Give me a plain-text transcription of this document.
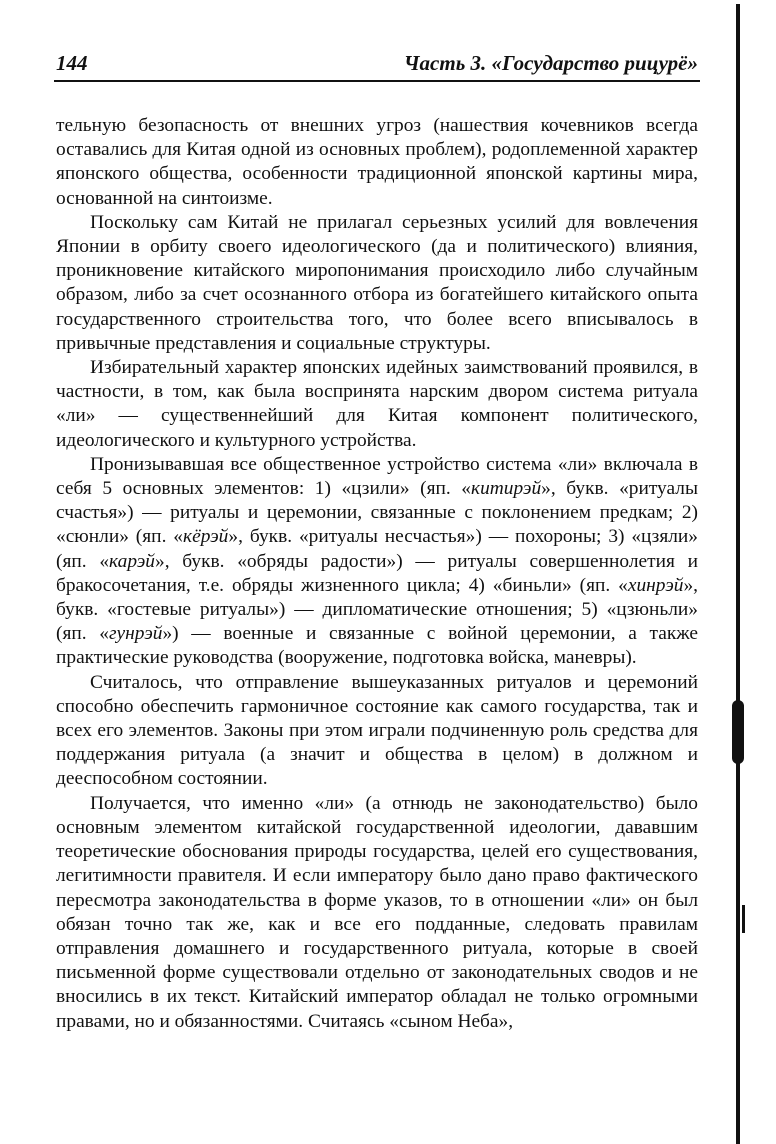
144	Часть 3. «Государство рицурё»

тельную безопасность от внешних угроз (нашествия кочевников всегда оставались для Китая одной из основных проблем), родоплеменной характер японского общества, особенности традиционной японской картины мира, основанной на синтоизме.

Поскольку сам Китай не прилагал серьезных усилий для вовлечения Японии в орбиту своего идеологического (да и политического) влияния, проникновение китайского миропонимания происходило либо случайным образом, либо за счет осознанного отбора из богатейшего китайского опыта государственного строительства того, что более всего вписывалось в привычные представления и социальные структуры.

Избирательный характер японских идейных заимствований проявился, в частности, в том, как была воспринята нарским двором система ритуала «ли» — существеннейший для Китая компонент политического, идеологического и культурного устройства.

Пронизывавшая все общественное устройство система «ли» включала в себя 5 основных элементов: 1) «цзили» (яп. «китирэй», букв. «ритуалы счастья») — ритуалы и церемонии, связанные с поклонением предкам; 2) «сюнли» (яп. «кёрэй», букв. «ритуалы несчастья») — похороны; 3) «цзяли» (яп. «карэй», букв. «обряды радости») — ритуалы совершеннолетия и бракосочетания, т.е. обряды жизненного цикла; 4) «биньли» (яп. «хинрэй», букв. «гостевые ритуалы») — дипломатические отношения; 5) «цзюньли» (яп. «гунрэй») — военные и связанные с войной церемонии, а также практические руководства (вооружение, подготовка войска, маневры).

Считалось, что отправление вышеуказанных ритуалов и церемоний способно обеспечить гармоничное состояние как самого государства, так и всех его элементов. Законы при этом играли подчиненную роль средства для поддержания ритуала (а значит и общества в целом) в должном и дееспособном состоянии.

Получается, что именно «ли» (а отнюдь не законодательство) было основным элементом китайской государственной идеологии, дававшим теоретические обоснования природы государства, целей его существования, легитимности правителя. И если императору было дано право фактического пересмотра законодательства в форме указов, то в отношении «ли» он был обязан точно так же, как и все его подданные, следовать правилам отправления домашнего и государственного ритуала, которые в своей письменной форме существовали отдельно от законодательных сводов и не вносились в их текст. Китайский император обладал не только огромными правами, но и обязанностями. Считаясь «сыном Неба»,
